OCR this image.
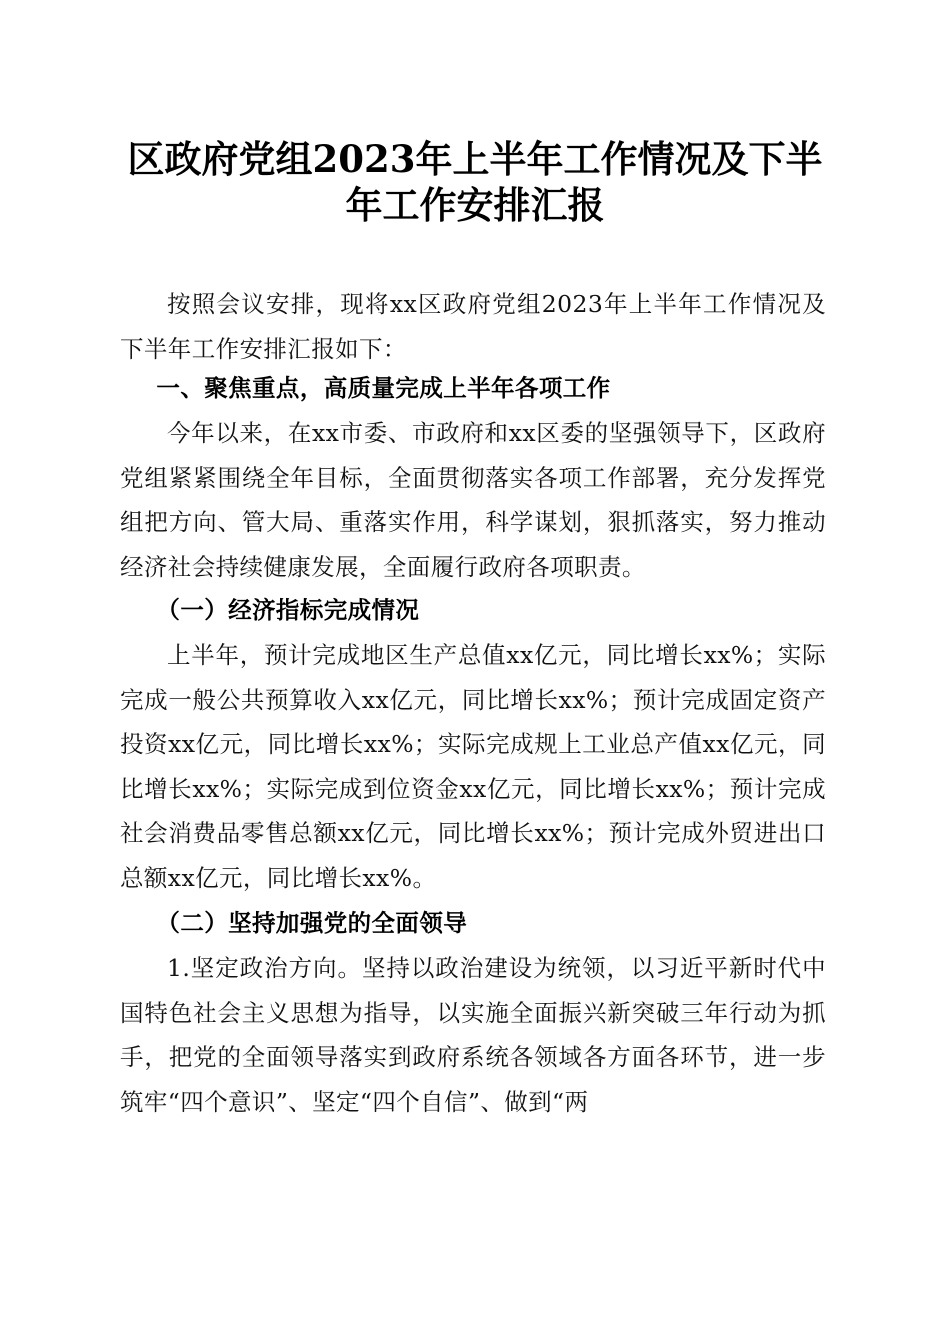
区政府党组2023年上半年工作情况及下半年工作安排汇报

按照会议安排，现将xx区政府党组2023年上半年工作情况及下半年工作安排汇报如下：

一、聚焦重点，高质量完成上半年各项工作

今年以来，在xx市委、市政府和xx区委的坚强领导下，区政府党组紧紧围绕全年目标，全面贯彻落实各项工作部署，充分发挥党组把方向、管大局、重落实作用，科学谋划，狠抓落实，努力推动经济社会持续健康发展，全面履行政府各项职责。

（一）经济指标完成情况

上半年，预计完成地区生产总值xx亿元，同比增长xx%；实际完成一般公共预算收入xx亿元，同比增长xx%；预计完成固定资产投资xx亿元，同比增长xx%；实际完成规上工业总产值xx亿元，同比增长xx%；实际完成到位资金xx亿元，同比增长xx%；预计完成社会消费品零售总额xx亿元，同比增长xx%；预计完成外贸进出口总额xx亿元，同比增长xx%。

（二）坚持加强党的全面领导

1.坚定政治方向。坚持以政治建设为统领，以习近平新时代中国特色社会主义思想为指导，以实施全面振兴新突破三年行动为抓手，把党的全面领导落实到政府系统各领域各方面各环节，进一步筑牢“四个意识”、坚定“四个自信”、做到“两
